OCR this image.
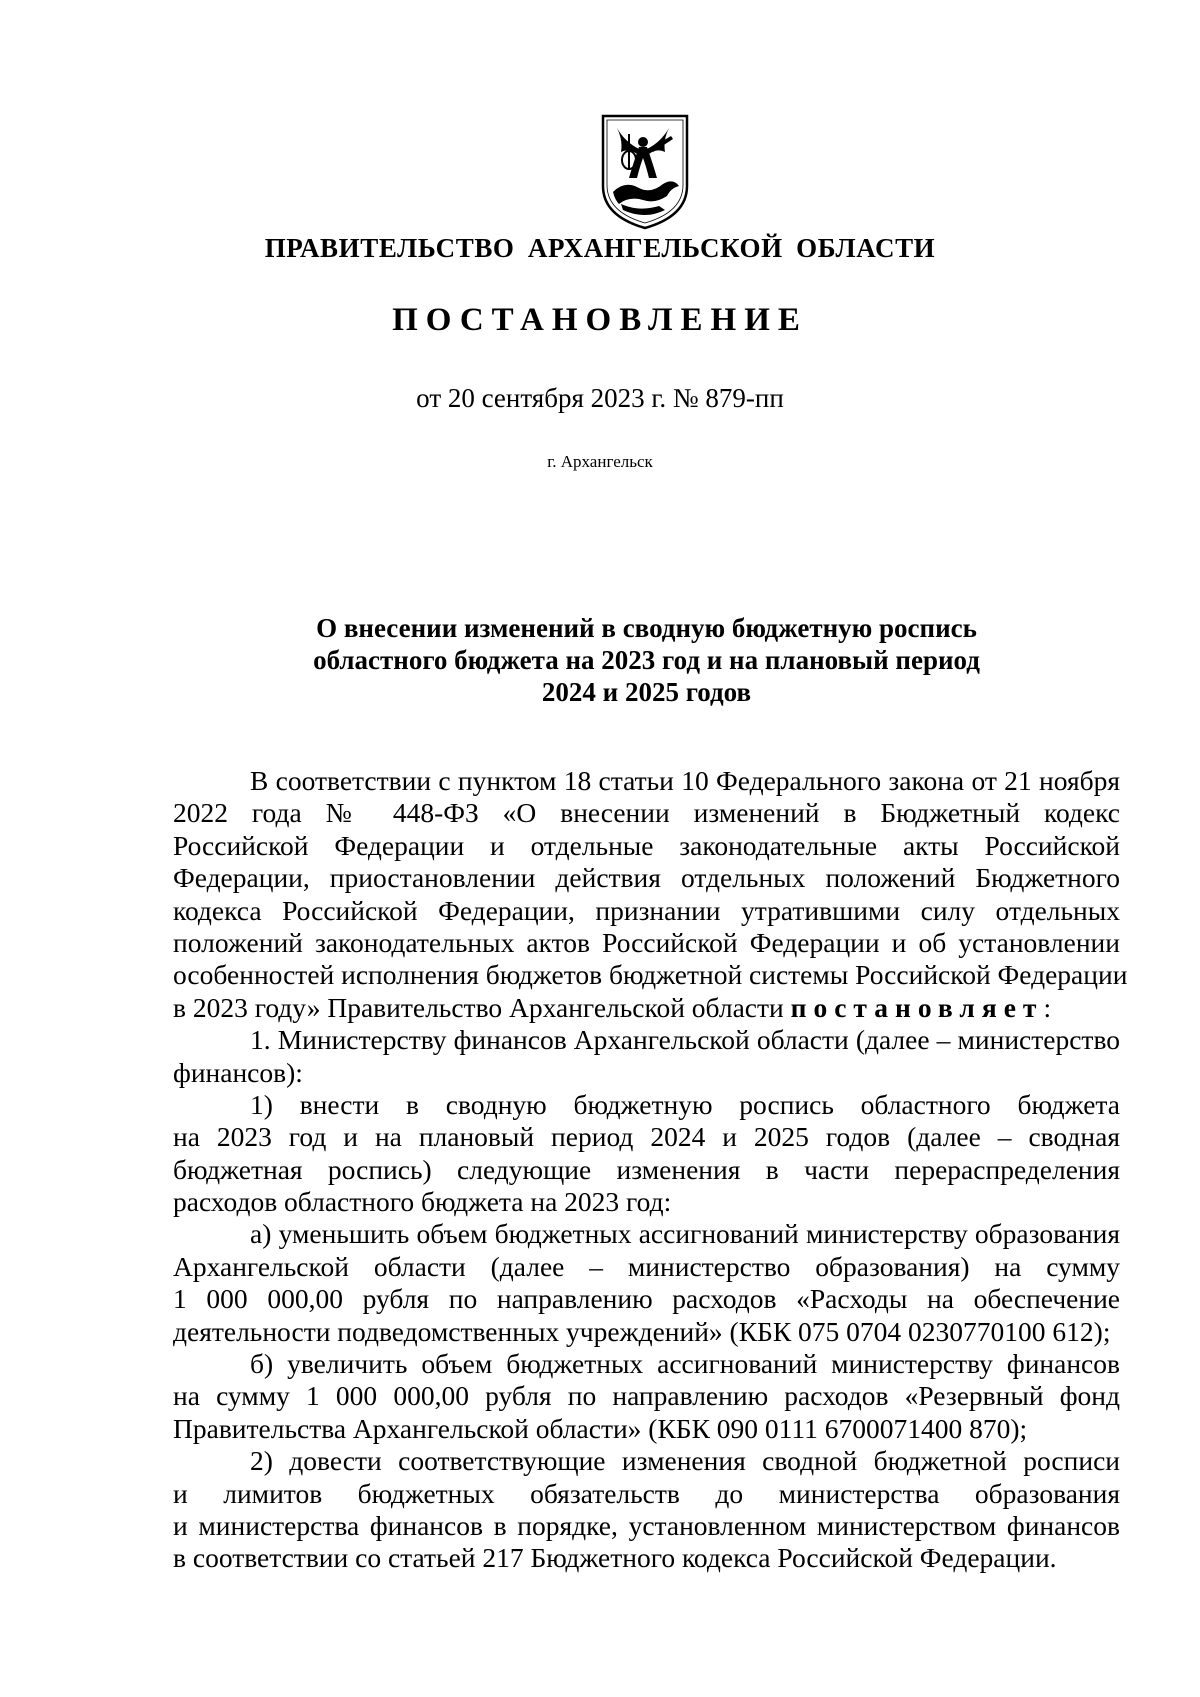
ПРАВИТЕЛЬСТВО АРХАНГЕЛЬСКОЙ ОБЛАСТИ
ПОСТАНОВЛЕНИЕ
от 20 сентября 2023 г. № 879-пп
г. Архангельск
О внесении изменений в сводную бюджетную роспись
областного бюджета на 2023 год и на плановый период
2024 и 2025 годов
В соответствии с пунктом 18 статьи 10 Федерального закона от 21 ноября
2022 года № 448-ФЗ «О внесении изменений в Бюджетный кодекс
Российской Федерации и отдельные законодательные акты Российской
Федерации, приостановлении действия отдельных положений Бюджетного
кодекса Российской Федерации, признании утратившими силу отдельных
положений законодательных актов Российской Федерации и об установлении
особенностей исполнения бюджетов бюджетной системы Российской Федерации
в 2023 году» Правительство Архангельской области постановляет:
1. Министерству финансов Архангельской области (далее – министерство
финансов):
1) внести в сводную бюджетную роспись областного бюджета
на 2023 год и на плановый период 2024 и 2025 годов (далее – сводная
бюджетная роспись) следующие изменения в части перераспределения
расходов областного бюджета на 2023 год:
а) уменьшить объем бюджетных ассигнований министерству образования
Архангельской области (далее – министерство образования) на сумму
1 000 000,00 рубля по направлению расходов «Расходы на обеспечение
деятельности подведомственных учреждений» (КБК 075 0704 0230770100 612);
б) увеличить объем бюджетных ассигнований министерству финансов
на сумму 1 000 000,00 рубля по направлению расходов «Резервный фонд
Правительства Архангельской области» (КБК 090 0111 6700071400 870);
2) довести соответствующие изменения сводной бюджетной росписи
и лимитов бюджетных обязательств до министерства образования
и министерства финансов в порядке, установленном министерством финансов
в соответствии со статьей 217 Бюджетного кодекса Российской Федерации.
